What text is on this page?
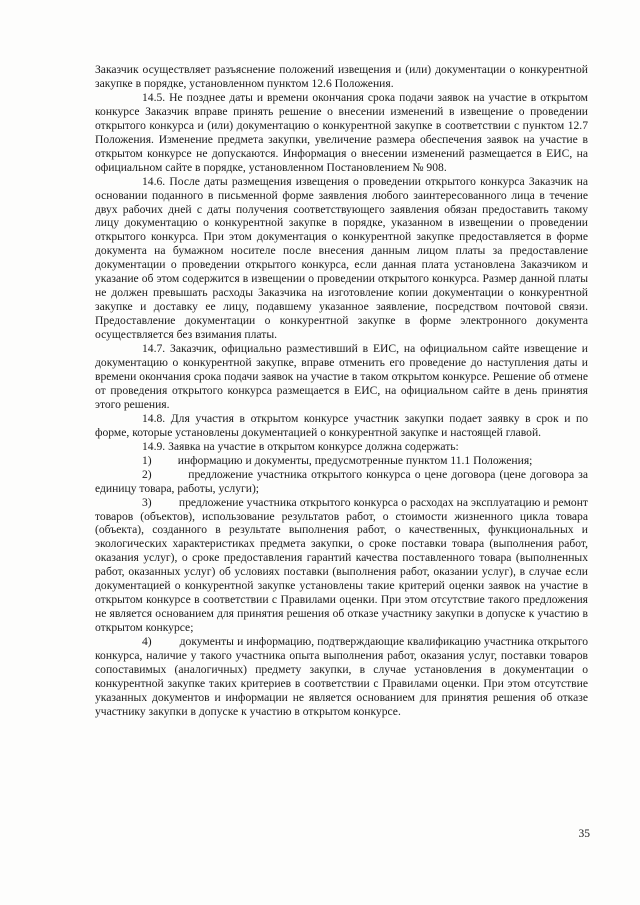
Заказчик осуществляет разъяснение положений извещения и (или) документации о конкурентной закупке в порядке, установленном пунктом 12.6 Положения.

14.5. Не позднее даты и времени окончания срока подачи заявок на участие в открытом конкурсе Заказчик вправе принять решение о внесении изменений в извещение о проведении открытого конкурса и (или) документацию о конкурентной закупке в соответствии с пунктом 12.7 Положения. Изменение предмета закупки, увеличение размера обеспечения заявок на участие в открытом конкурсе не допускаются. Информация о внесении изменений размещается в ЕИС, на официальном сайте в порядке, установленном Постановлением № 908.

14.6. После даты размещения извещения о проведении открытого конкурса Заказчик на основании поданного в письменной форме заявления любого заинтересованного лица в течение двух рабочих дней с даты получения соответствующего заявления обязан предоставить такому лицу документацию о конкурентной закупке в порядке, указанном в извещении о проведении открытого конкурса. При этом документация о конкурентной закупке предоставляется в форме документа на бумажном носителе после внесения данным лицом платы за предоставление документации о проведении открытого конкурса, если данная плата установлена Заказчиком и указание об этом содержится в извещении о проведении открытого конкурса. Размер данной платы не должен превышать расходы Заказчика на изготовление копии документации о конкурентной закупке и доставку ее лицу, подавшему указанное заявление, посредством почтовой связи. Предоставление документации о конкурентной закупке в форме электронного документа осуществляется без взимания платы.

14.7. Заказчик, официально разместивший в ЕИС, на официальном сайте извещение и документацию о конкурентной закупке, вправе отменить его проведение до наступления даты и времени окончания срока подачи заявок на участие в таком открытом конкурсе. Решение об отмене от проведения открытого конкурса размещается в ЕИС, на официальном сайте в день принятия этого решения.

14.8. Для участия в открытом конкурсе участник закупки подает заявку в срок и по форме, которые установлены документацией о конкурентной закупке и настоящей главой.

14.9. Заявка на участие в открытом конкурсе должна содержать:

1) информацию и документы, предусмотренные пунктом 11.1 Положения;

2)	предложение участника открытого конкурса о цене договора (цене договора за единицу товара, работы, услуги);

3) предложение участника открытого конкурса о расходах на эксплуатацию и ремонт товаров (объектов), использование результатов работ, о стоимости жизненного цикла товара (объекта), созданного в результате выполнения работ, о качественных, функциональных и экологических характеристиках предмета закупки, о сроке поставки товара (выполнения работ, оказания услуг), о сроке предоставления гарантий качества поставленного товара (выполненных работ, оказанных услуг) об условиях поставки (выполнения работ, оказании услуг), в случае если документацией о конкурентной закупке установлены такие критерий оценки заявок на участие в открытом конкурсе в соответствии с Правилами оценки. При этом отсутствие такого предложения не является основанием для принятия решения об отказе участнику закупки в допуске к участию в открытом конкурсе;

4) документы и информацию, подтверждающие квалификацию участника открытого конкурса, наличие у такого участника опыта выполнения работ, оказания услуг, поставки товаров сопоставимых (аналогичных) предмету закупки, в случае установления в документации о конкурентной закупке таких критериев в соответствии с Правилами оценки. При этом отсутствие указанных документов и информации не является основанием для принятия решения об отказе участнику закупки в допуске к участию в открытом конкурсе.

35
